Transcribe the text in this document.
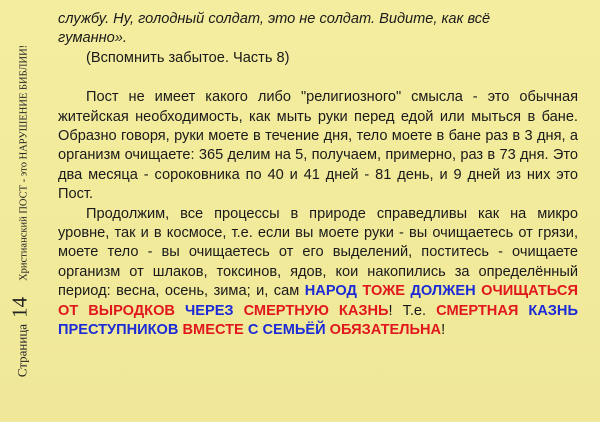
Страница
14
Христианский ПОСТ - это НАРУШЕНИЕ БИБЛИИ!

службу. Ну, голодный солдат, это не солдат. Видите, как всё

гуманно».

(Вспомнить забытое. Часть 8)

Пост не имеет какого либо "религиозного" смысла - это обычная житейская необходимость, как мыть руки перед едой или мыться в бане. Образно говоря, руки моете в течение дня, тело моете в бане раз в 3 дня, а организм очищаете: 365 делим на 5, получаем, примерно, раз в 73 дня. Это два месяца - сороковника по 40 и 41 дней - 81 день, и 9 дней из них это Пост.

Продолжим, все процессы в природе справедливы как на микро уровне, так и в космосе, т.е. если вы моете руки - вы очищаетесь от грязи, моете тело - вы очищаетесь от его выделений, поститесь - очищаете организм от шлаков, токсинов, ядов, кои накопились за определённый период: весна, осень, зима; и, сам НАРОД ТОЖЕ ДОЛЖЕН ОЧИЩАТЬСЯ ОТ ВЫРОДКОВ ЧЕРЕЗ СМЕРТНУЮ КАЗНЬ! Т.е. СМЕРТНАЯ КАЗНЬ ПРЕСТУПНИКОВ ВМЕСТЕ С СЕМЬЁЙ ОБЯЗАТЕЛЬНА!
